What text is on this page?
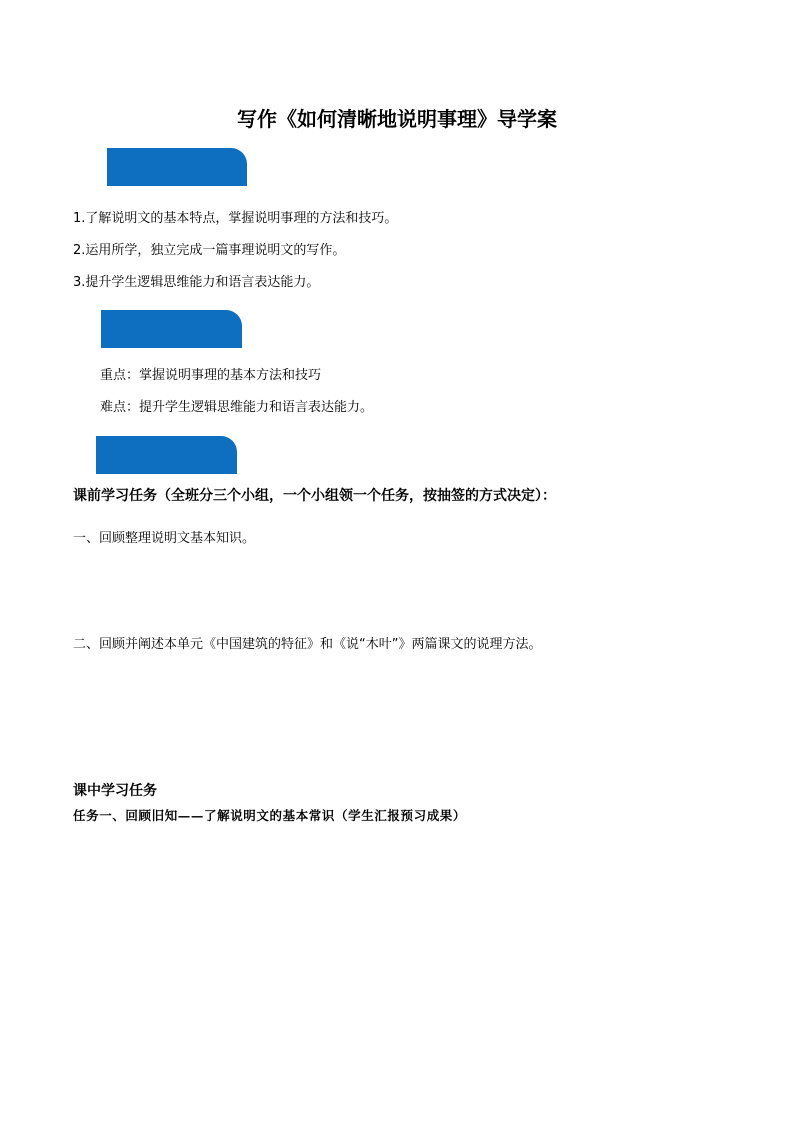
写作《如何清晰地说明事理》导学案
1.了解说明文的基本特点，掌握说明事理的方法和技巧。
2.运用所学，独立完成一篇事理说明文的写作。
3.提升学生逻辑思维能力和语言表达能力。
重点：掌握说明事理的基本方法和技巧
难点：提升学生逻辑思维能力和语言表达能力。
课前学习任务（全班分三个小组，一个小组领一个任务，按抽签的方式决定）：
一、回顾整理说明文基本知识。
二、回顾并阐述本单元《中国建筑的特征》和《说“木叶”》两篇课文的说理方法。
课中学习任务
任务一、回顾旧知——了解说明文的基本常识（学生汇报预习成果）
